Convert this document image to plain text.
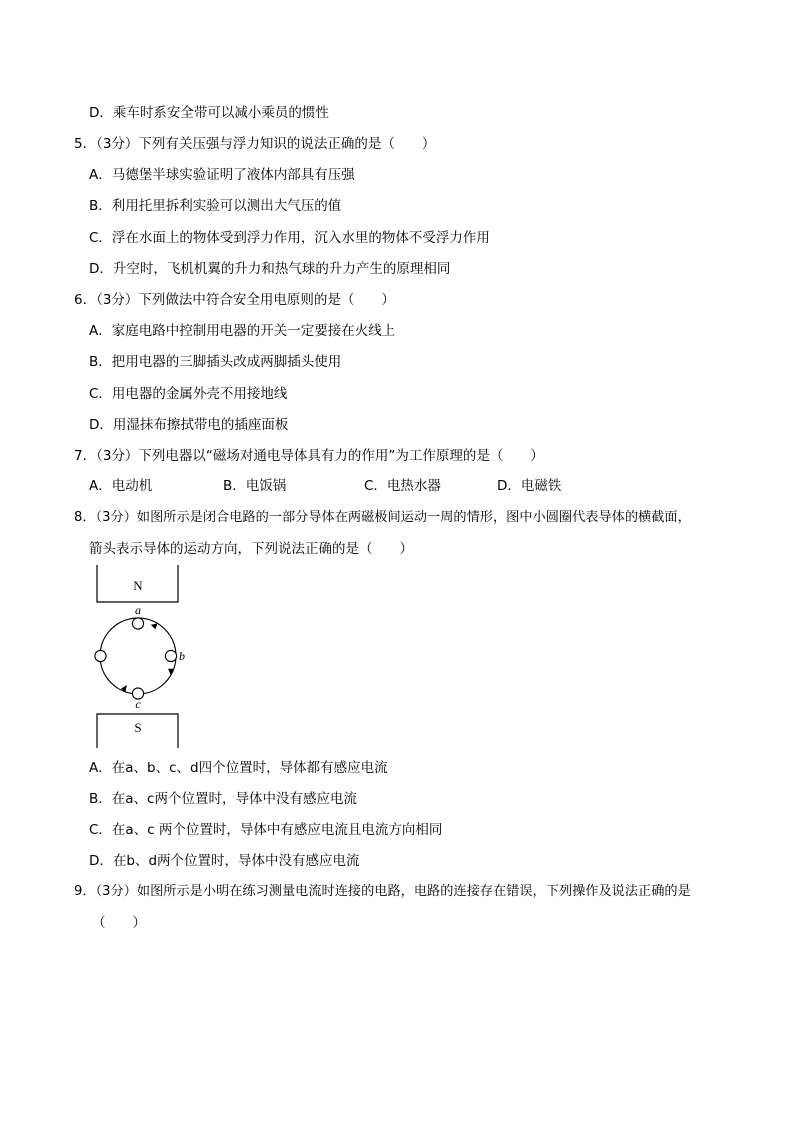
D．乘车时系安全带可以减小乘员的惯性
5．（3分）下列有关压强与浮力知识的说法正确的是（　　）
A．马德堡半球实验证明了液体内部具有压强
B．利用托里拆利实验可以测出大气压的值
C．浮在水面上的物体受到浮力作用，沉入水里的物体不受浮力作用
D．升空时，飞机机翼的升力和热气球的升力产生的原理相同
6．（3分）下列做法中符合安全用电原则的是（　　）
A．家庭电路中控制用电器的开关一定要接在火线上
B．把用电器的三脚插头改成两脚插头使用
C．用电器的金属外壳不用接地线
D．用湿抹布擦拭带电的插座面板
7．（3分）下列电器以“磁场对通电导体具有力的作用”为工作原理的是（　　）
A．电动机	B．电饭锅	C．电热水器	D．电磁铁
8．（3分）如图所示是闭合电路的一部分导体在两磁极间运动一周的情形，图中小圆圈代表导体的横截面，
箭头表示导体的运动方向，下列说法正确的是（　　）
N
a
b
c
S
A．在a、b、c、d四个位置时，导体都有感应电流
B．在a、c两个位置时，导体中没有感应电流
C．在a、c 两个位置时，导体中有感应电流且电流方向相同
D．在b、d两个位置时，导体中没有感应电流
9．（3分）如图所示是小明在练习测量电流时连接的电路，电路的连接存在错误，下列操作及说法正确的是
（　　）
